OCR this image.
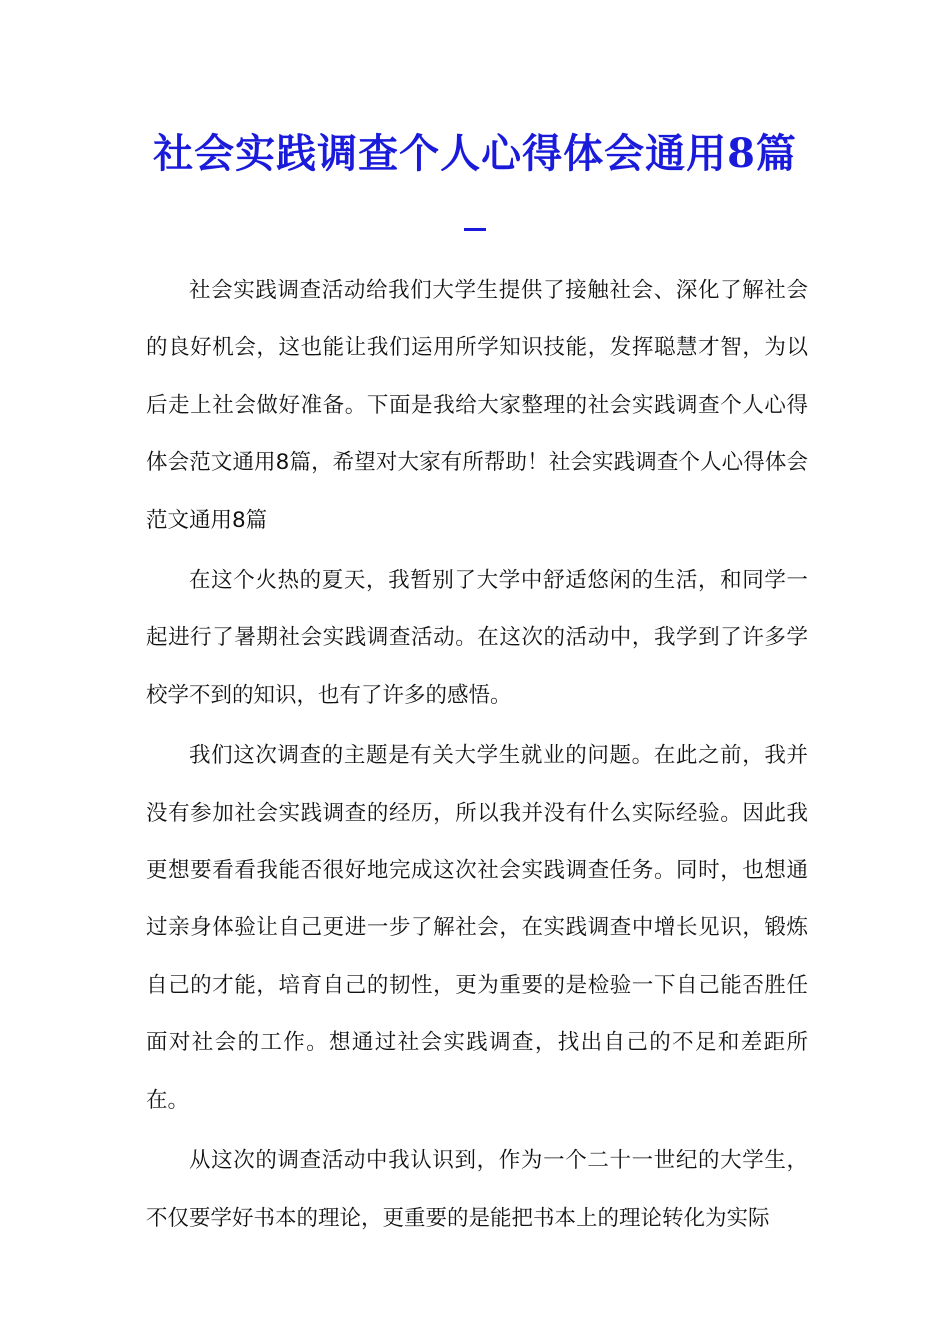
社会实践调查个人心得体会通用8篇

社会实践调查活动给我们大学生提供了接触社会、深化了解社会的良好机会，这也能让我们运用所学知识技能，发挥聪慧才智，为以后走上社会做好准备。下面是我给大家整理的社会实践调查个人心得体会范文通用8篇，希望对大家有所帮助！社会实践调查个人心得体会范文通用8篇

在这个火热的夏天，我暂别了大学中舒适悠闲的生活，和同学一起进行了暑期社会实践调查活动。在这次的活动中，我学到了许多学校学不到的知识，也有了许多的感悟。

我们这次调查的主题是有关大学生就业的问题。在此之前，我并没有参加社会实践调查的经历，所以我并没有什么实际经验。因此我更想要看看我能否很好地完成这次社会实践调查任务。同时，也想通过亲身体验让自己更进一步了解社会，在实践调查中增长见识，锻炼自己的才能，培育自己的韧性，更为重要的是检验一下自己能否胜任面对社会的工作。想通过社会实践调查，找出自己的不足和差距所在。

从这次的调查活动中我认识到，作为一个二十一世纪的大学生，不仅要学好书本的理论，更重要的是能把书本上的理论转化为实际
